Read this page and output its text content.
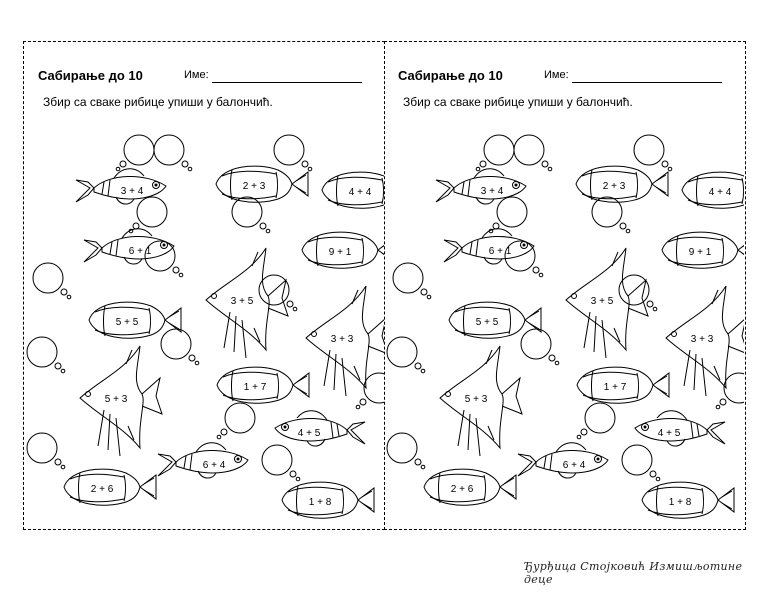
Сабирање до 10	Име:
Збир са сваке рибице упиши у балончић.
3 + 4	2 + 3
4 + 4
6 + 1	9 + 1
3 + 5
5 + 5
3 + 3
1 + 7
5 + 3
4 + 5
6 + 4
2 + 6
1 + 8
Сабирање до 10	Име:
Збир са сваке рибице упиши у балончић.
3 + 4	2 + 3
4 + 4
6 + 1	9 + 1
3 + 5
5 + 5
3 + 3
1 + 7
5 + 3
4 + 5
6 + 4
2 + 6
1 + 8
Ђурђица Стојковић Измишљотине деце
